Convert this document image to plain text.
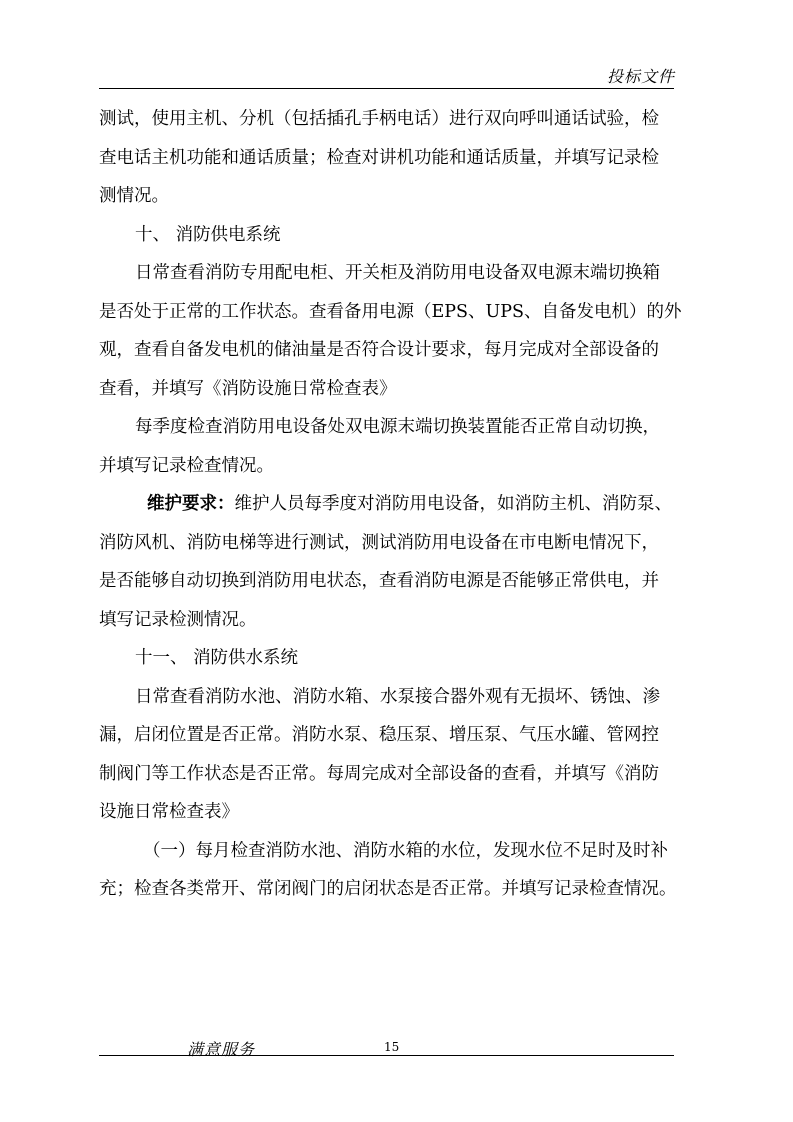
投标文件
测试，使用主机、分机（包括插孔手柄电话）进行双向呼叫通话试验，检
查电话主机功能和通话质量；检查对讲机功能和通话质量，并填写记录检
测情况。
十、 消防供电系统
日常查看消防专用配电柜、开关柜及消防用电设备双电源末端切换箱
是否处于正常的工作状态。查看备用电源（EPS、UPS、自备发电机）的外
观，查看自备发电机的储油量是否符合设计要求，每月完成对全部设备的
查看，并填写《消防设施日常检查表》
每季度检查消防用电设备处双电源末端切换装置能否正常自动切换，
并填写记录检查情况。
维护要求： 维护人员每季度对消防用电设备，如消防主机、消防泵、
消防风机、消防电梯等进行测试，测试消防用电设备在市电断电情况下，
是否能够自动切换到消防用电状态，查看消防电源是否能够正常供电，并
填写记录检测情况。
十一、 消防供水系统
日常查看消防水池、消防水箱、水泵接合器外观有无损坏、锈蚀、渗
漏，启闭位置是否正常。消防水泵、稳压泵、增压泵、气压水罐、管网控
制阀门等工作状态是否正常。每周完成对全部设备的查看，并填写《消防
设施日常检查表》
（一）每月检查消防水池、消防水箱的水位，发现水位不足时及时补
充；检查各类常开、常闭阀门的启闭状态是否正常。并填写记录检查情况。
满意服务	15
